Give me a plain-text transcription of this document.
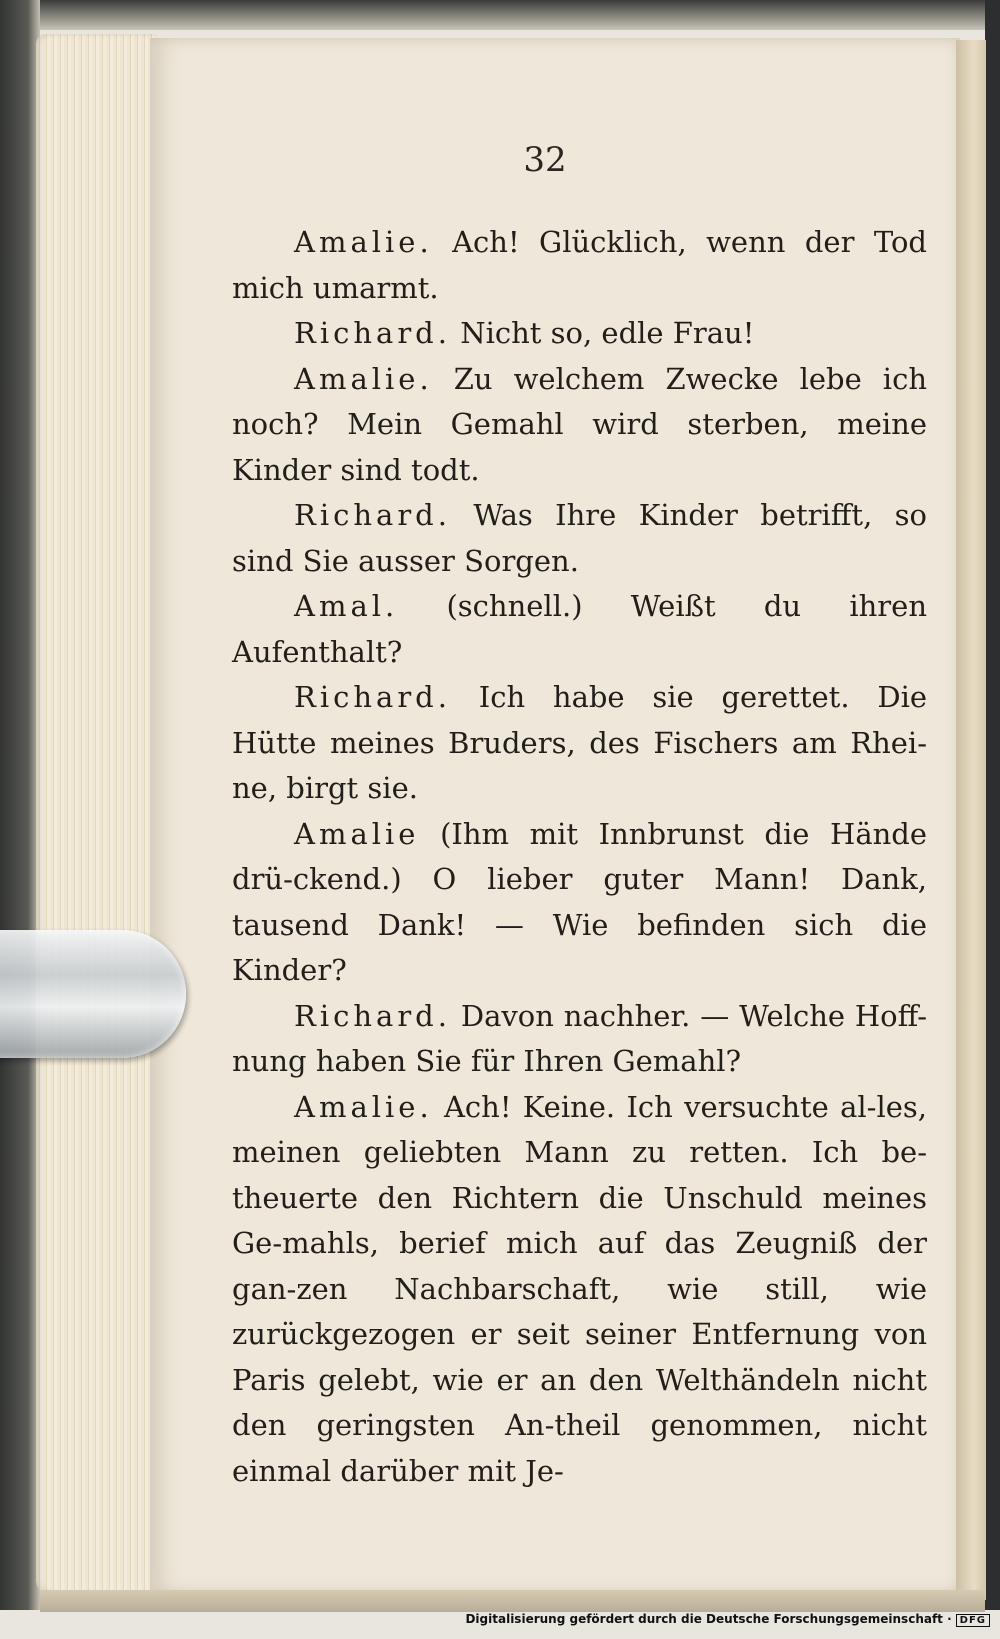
32

Amalie. Ach! Glücklich, wenn der Tod mich umarmt.

Richard. Nicht so, edle Frau!

Amalie. Zu welchem Zwecke lebe ich noch? Mein Gemahl wird sterben, meine Kinder sind todt.

Richard. Was Ihre Kinder betrifft, so sind Sie ausser Sorgen.

Amal. (schnell.) Weißt du ihren Aufenthalt?

Richard. Ich habe sie gerettet. Die Hütte meines Bruders, des Fischers am Rhei-ne, birgt sie.

Amalie (Ihm mit Innbrunst die Hände drü-ckend.) O lieber guter Mann! Dank, tausend Dank! — Wie befinden sich die Kinder?

Richard. Davon nachher. — Welche Hoff-nung haben Sie für Ihren Gemahl?

Amalie. Ach! Keine. Ich versuchte al-les, meinen geliebten Mann zu retten. Ich be-theuerte den Richtern die Unschuld meines Ge-mahls, berief mich auf das Zeugniß der gan-zen Nachbarschaft, wie still, wie zurückgezogen er seit seiner Entfernung von Paris gelebt, wie er an den Welthändeln nicht den geringsten An-theil genommen, nicht einmal darüber mit Je-

Digitalisierung gefördert durch die Deutsche Forschungsgemeinschaft · DFG
